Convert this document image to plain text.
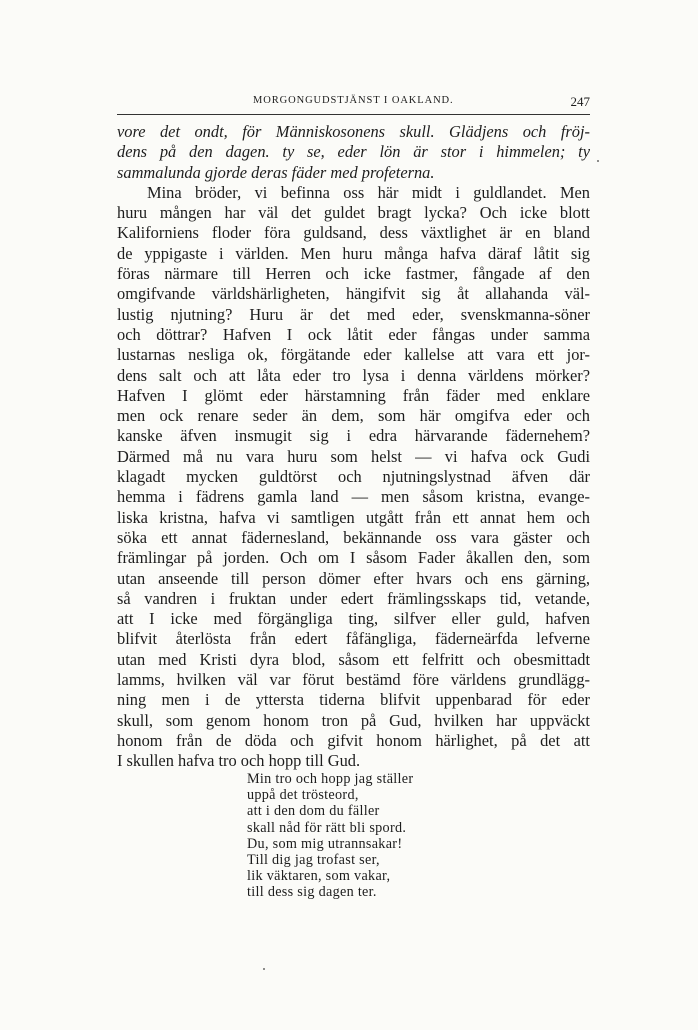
MORGONGUDSTJÄNST I OAKLAND.	247
vore det ondt, för Människosonens skull. Glädjens och fröj-
dens på den dagen. ty se, eder lön är stor i himmelen; ty
sammalunda gjorde deras fäder med profeterna.
Mina bröder, vi befinna oss här midt i guldlandet. Men
huru mången har väl det guldet bragt lycka? Och icke blott
Kaliforniens floder föra guldsand, dess växtlighet är en bland
de yppigaste i världen. Men huru många hafva däraf låtit sig
föras närmare till Herren och icke fastmer, fångade af den
omgifvande världshärligheten, hängifvit sig åt allahanda väl-
lustig njutning? Huru är det med eder, svenskmanna-söner
och döttrar? Hafven I ock låtit eder fångas under samma
lustarnas nesliga ok, förgätande eder kallelse att vara ett jor-
dens salt och att låta eder tro lysa i denna världens mörker?
Hafven I glömt eder härstamning från fäder med enklare
men ock renare seder än dem, som här omgifva eder och
kanske äfven insmugit sig i edra härvarande fädernehem?
Därmed må nu vara huru som helst — vi hafva ock Gudi
klagadt mycken guldtörst och njutningslystnad äfven där
hemma i fädrens gamla land — men såsom kristna, evange-
liska kristna, hafva vi samtligen utgått från ett annat hem och
söka ett annat fädernesland, bekännande oss vara gäster och
främlingar på jorden. Och om I såsom Fader åkallen den, som
utan anseende till person dömer efter hvars och ens gärning,
så vandren i fruktan under edert främlingsskaps tid, vetande,
att I icke med förgängliga ting, silfver eller guld, hafven
blifvit återlösta från edert fåfängliga, fäderneärfda lefverne
utan med Kristi dyra blod, såsom ett felfritt och obesmittadt
lamms, hvilken väl var förut bestämd före världens grundlägg-
ning men i de yttersta tiderna blifvit uppenbarad för eder
skull, som genom honom tron på Gud, hvilken har uppväckt
honom från de döda och gifvit honom härlighet, på det att
I skullen hafva tro och hopp till Gud.
Min tro och hopp jag ställer
uppå det trösteord,
att i den dom du fäller
skall nåd för rätt bli spord.
Du, som mig utrannsakar!
Till dig jag trofast ser,
lik väktaren, som vakar,
till dess sig dagen ter.
